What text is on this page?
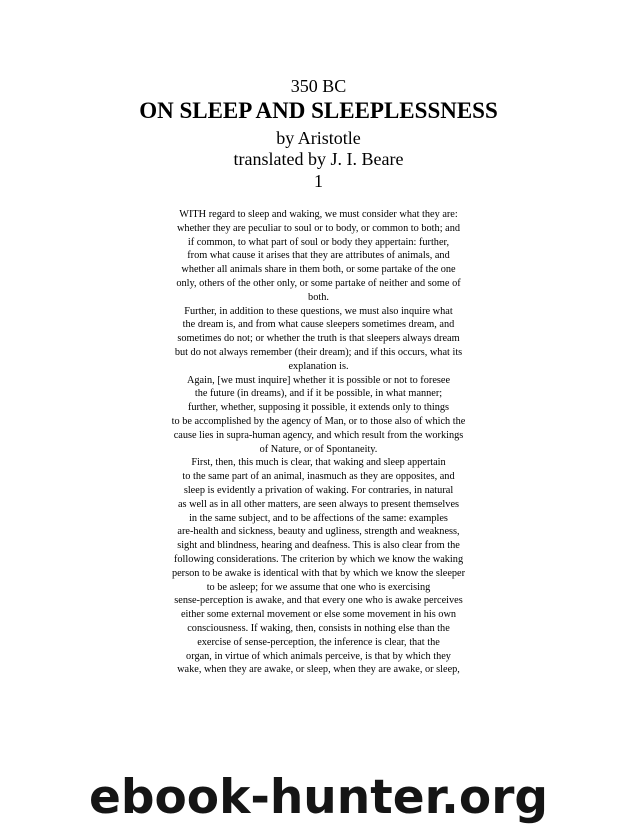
350 BC
ON SLEEP AND SLEEPLESSNESS
by Aristotle
translated by J. I. Beare
1
WITH regard to sleep and waking, we must consider what they are:
whether they are peculiar to soul or to body, or common to both; and
if common, to what part of soul or body they appertain: further,
from what cause it arises that they are attributes of animals, and
whether all animals share in them both, or some partake of the one
only, others of the other only, or some partake of neither and some of
both.
Further, in addition to these questions, we must also inquire what
the dream is, and from what cause sleepers sometimes dream, and
sometimes do not; or whether the truth is that sleepers always dream
but do not always remember (their dream); and if this occurs, what its
explanation is.
Again, [we must inquire] whether it is possible or not to foresee
the future (in dreams), and if it be possible, in what manner;
further, whether, supposing it possible, it extends only to things
to be accomplished by the agency of Man, or to those also of which the
cause lies in supra-human agency, and which result from the workings
of Nature, or of Spontaneity.
First, then, this much is clear, that waking and sleep appertain
to the same part of an animal, inasmuch as they are opposites, and
sleep is evidently a privation of waking. For contraries, in natural
as well as in all other matters, are seen always to present themselves
in the same subject, and to be affections of the same: examples
are-health and sickness, beauty and ugliness, strength and weakness,
sight and blindness, hearing and deafness. This is also clear from the
following considerations. The criterion by which we know the waking
person to be awake is identical with that by which we know the sleeper
to be asleep; for we assume that one who is exercising
sense-perception is awake, and that every one who is awake perceives
either some external movement or else some movement in his own
consciousness. If waking, then, consists in nothing else than the
exercise of sense-perception, the inference is clear, that the
organ, in virtue of which animals perceive, is that by which they
wake, when they are awake, or sleep, when they are awake, or sleep,
ebook-hunter.org
